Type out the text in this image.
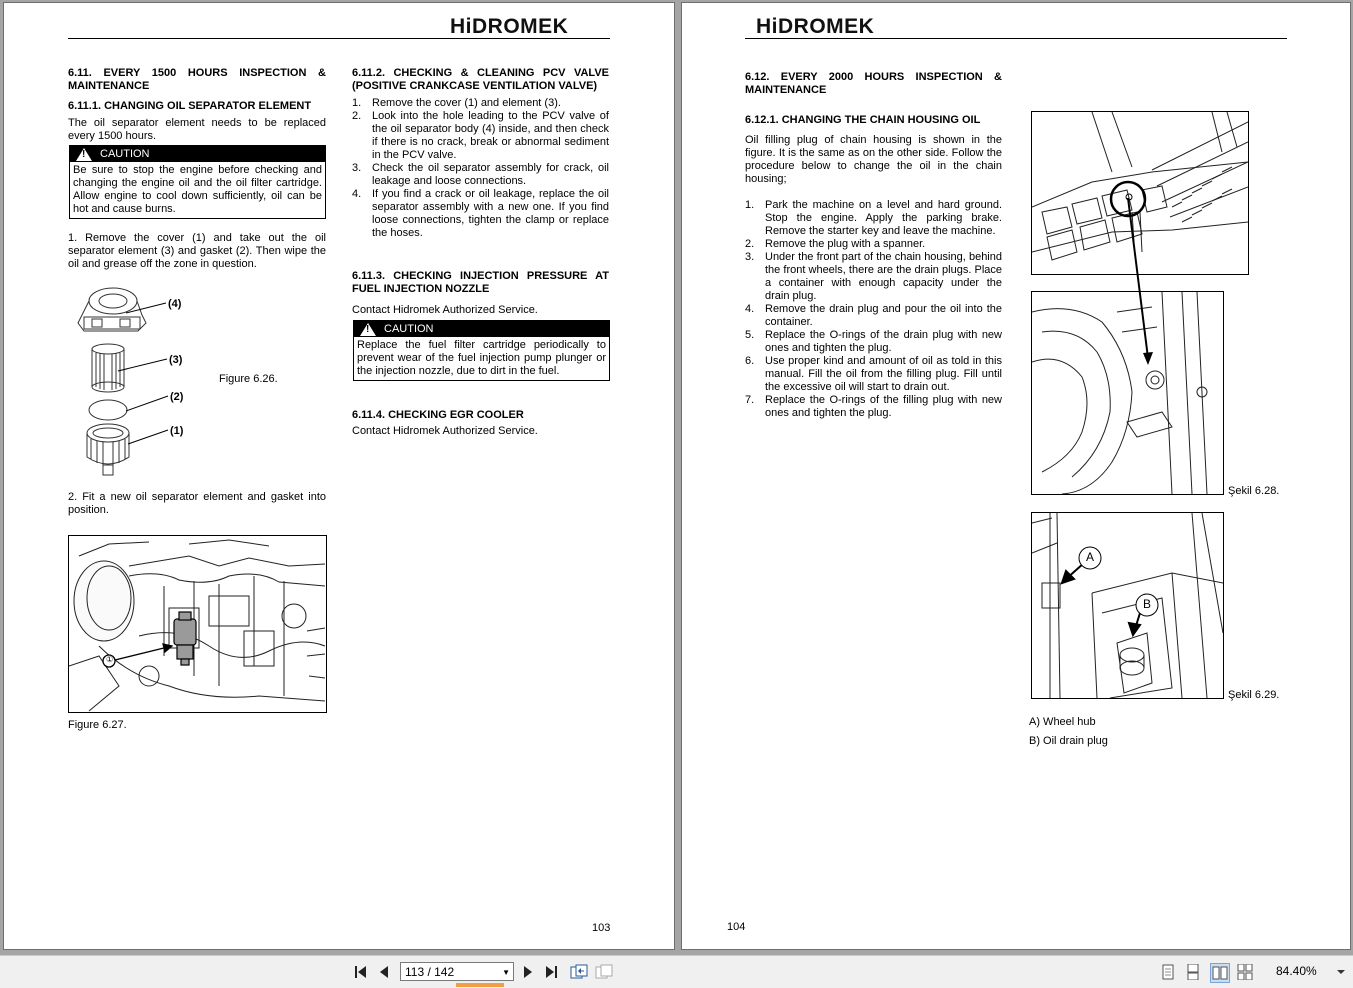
HiDROMEK
6.11. EVERY 1500 HOURS INSPECTION & MAINTENANCE
6.11.1. CHANGING OIL SEPARATOR ELEMENT
The oil separator element needs to be replaced every 1500 hours.
!
CAUTION
Be sure to stop the engine before checking and changing the engine oil and the oil filter cartridge. Allow engine to cool down sufficiently, oil can be hot and cause burns.
1. Remove the cover (1) and take out the oil separator element (3) and gasket (2). Then wipe the oil and grease off the zone in question.
(4)
(3)
(2)
(1)
Figure 6.26.
2. Fit a new oil separator element and gasket into position.
①
Figure 6.27.
6.11.2. CHECKING & CLEANING PCV VALVE (POSITIVE CRANKCASE VENTILATION VALVE)
1. Remove the cover (1) and element (3).
2. Look into the hole leading to the PCV valve of the oil separator body (4) inside, and then check if there is no crack, break or abnormal sediment in the PCV valve.
3. Check the oil separator assembly for crack, oil leakage and loose connections.
4. If you find a crack or oil leakage, replace the oil separator assembly with a new one. If you find loose connections, tighten the clamp or replace the hoses.
6.11.3. CHECKING INJECTION PRESSURE AT FUEL INJECTION NOZZLE
Contact Hidromek Authorized Service.
!
CAUTION
Replace the fuel filter cartridge periodically to prevent wear of the fuel injection pump plunger or the injection nozzle, due to dirt in the fuel.
6.11.4. CHECKING EGR COOLER
Contact Hidromek Authorized Service.
103
HiDROMEK
6.12. EVERY 2000 HOURS INSPECTION & MAINTENANCE
6.12.1. CHANGING THE CHAIN HOUSING OIL
Oil filling plug of chain housing is shown in the figure. It is the same as on the other side. Follow the procedure below to change the oil in the chain housing;
1. Park the machine on a level and hard ground. Stop the engine. Apply the parking brake. Remove the starter key and leave the machine.
2. Remove the plug with a spanner.
3. Under the front part of the chain housing, behind the front wheels, there are the drain plugs. Place a container with enough capacity under the drain plug.
4. Remove the drain plug and pour the oil into the container.
5. Replace the O-rings of the drain plug with new ones and tighten the plug.
6. Use proper kind and amount of oil as told in this manual. Fill the oil from the filling plug. Fill until the excessive oil will start to drain out.
7. Replace the O-rings of the filling plug with new ones and tighten the plug.
Şekil 6.28.
A
B
Şekil 6.29.
A) Wheel hub
B) Oil drain plug
104
113 / 142	▼	84.40%
